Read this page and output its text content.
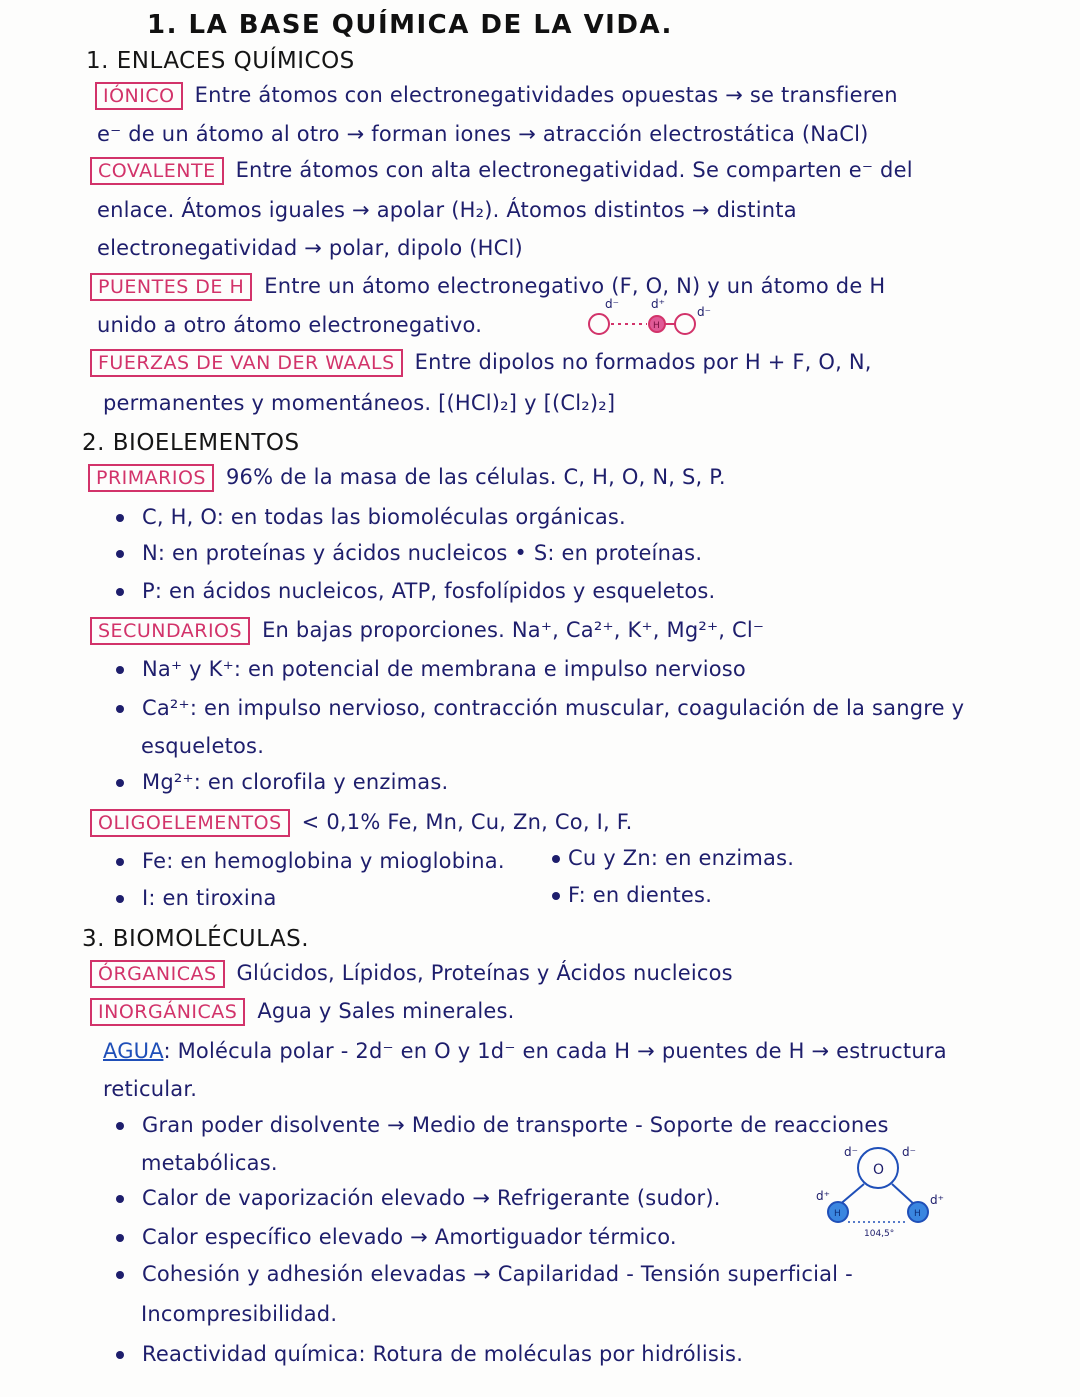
1. LA BASE QUÍMICA DE LA VIDA.
1. ENLACES QUÍMICOS
IÓNICO Entre átomos con electronegatividades opuestas → se transfieren
e⁻ de un átomo al otro → forman iones → atracción electrostática (NaCl)
COVALENTE Entre átomos con alta electronegatividad. Se comparten e⁻ del
enlace. Átomos iguales → apolar (H₂). Átomos distintos → distinta
electronegatividad → polar, dipolo (HCl)
PUENTES DE H Entre un átomo electronegativo (F, O, N) y un átomo de H
unido a otro átomo electronegativo.	H
d⁻	d⁺
d⁻
FUERZAS DE VAN DER WAALS Entre dipolos no formados por H + F, O, N,
permanentes y momentáneos. [(HCl)₂] y [(Cl₂)₂]
2. BIOELEMENTOS
PRIMARIOS 96% de la masa de las células. C, H, O, N, S, P.
C, H, O: en todas las biomoléculas orgánicas.
N: en proteínas y ácidos nucleicos • S: en proteínas.
P: en ácidos nucleicos, ATP, fosfolípidos y esqueletos.
SECUNDARIOS En bajas proporciones. Na⁺, Ca²⁺, K⁺, Mg²⁺, Cl⁻
Na⁺ y K⁺: en potencial de membrana e impulso nervioso
Ca²⁺: en impulso nervioso, contracción muscular, coagulación de la sangre y
esqueletos.
Mg²⁺: en clorofila y enzimas.
OLIGOELEMENTOS < 0,1% Fe, Mn, Cu, Zn, Co, I, F.
Fe: en hemoglobina y mioglobina.
I: en tiroxina
Cu y Zn: en enzimas.
F: en dientes.
3. BIOMOLÉCULAS.
ÓRGANICAS Glúcidos, Lípidos, Proteínas y Ácidos nucleicos
INORGÁNICAS Agua y Sales minerales.
AGUA: Molécula polar - 2d⁻ en O y 1d⁻ en cada H → puentes de H → estructura
reticular.
Gran poder disolvente → Medio de transporte - Soporte de reacciones
metabólicas.
Calor de vaporización elevado → Refrigerante (sudor).
Calor específico elevado → Amortiguador térmico.
Cohesión y adhesión elevadas → Capilaridad - Tensión superficial -
Incompresibilidad.
Reactividad química: Rotura de moléculas por hidrólisis.
O
H	H
104,5°
d⁻	d⁻
d⁺	d⁺
